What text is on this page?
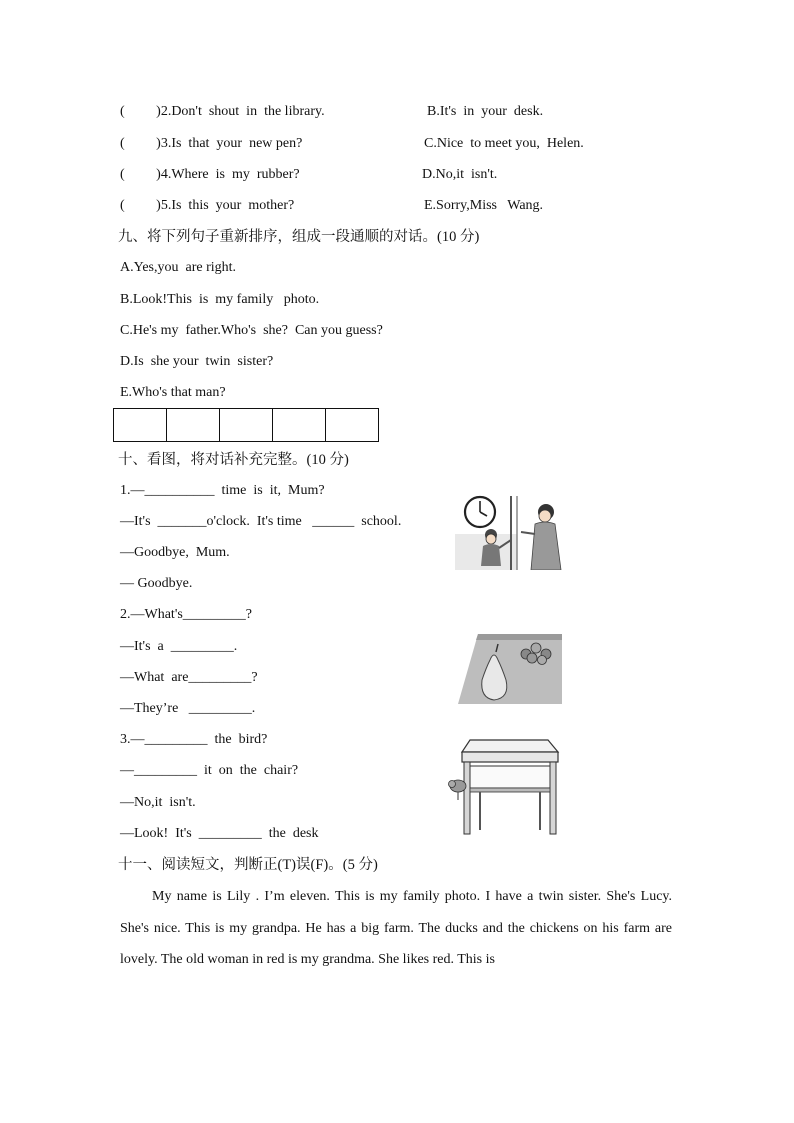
(         )2.Don't  shout  in  the library.	B.It's  in  your  desk.
(         )3.Is  that  your  new pen?	C.Nice  to meet you,  Helen.
(         )4.Where  is  my  rubber?	D.No,it  isn't.
(         )5.Is  this  your  mother?	E.Sorry,Miss   Wang.
九、将下列句子重新排序，组成一段通顺的对话。(10 分)
A.Yes,you  are right.
B.Look!This  is  my family   photo.
C.He's my  father.Who's  she?  Can you guess?
D.Is  she your  twin  sister?
E.Who's that man?

十、看图，将对话补充完整。(10 分)
1.—__________  time  is  it,  Mum?
—It's  _______o'clock.  It's time   ______  school.
—Goodbye,  Mum.
— Goodbye.
2.—What's_________?
—It's  a  _________.
—What  are_________?
—They’re   _________.
3.—_________  the  bird?
—_________  it  on  the  chair?
—No,it  isn't.
—Look!  It's  _________  the  desk
十一、阅读短文，判断正(T)误(F)。(5 分)
My name is Lily . I’m eleven. This is my family photo. I have a twin sister. She's Lucy. She's nice. This is my grandpa. He has a big farm. The ducks and the chickens on his farm are lovely. The old woman in red is my grandma. She likes red. This is
